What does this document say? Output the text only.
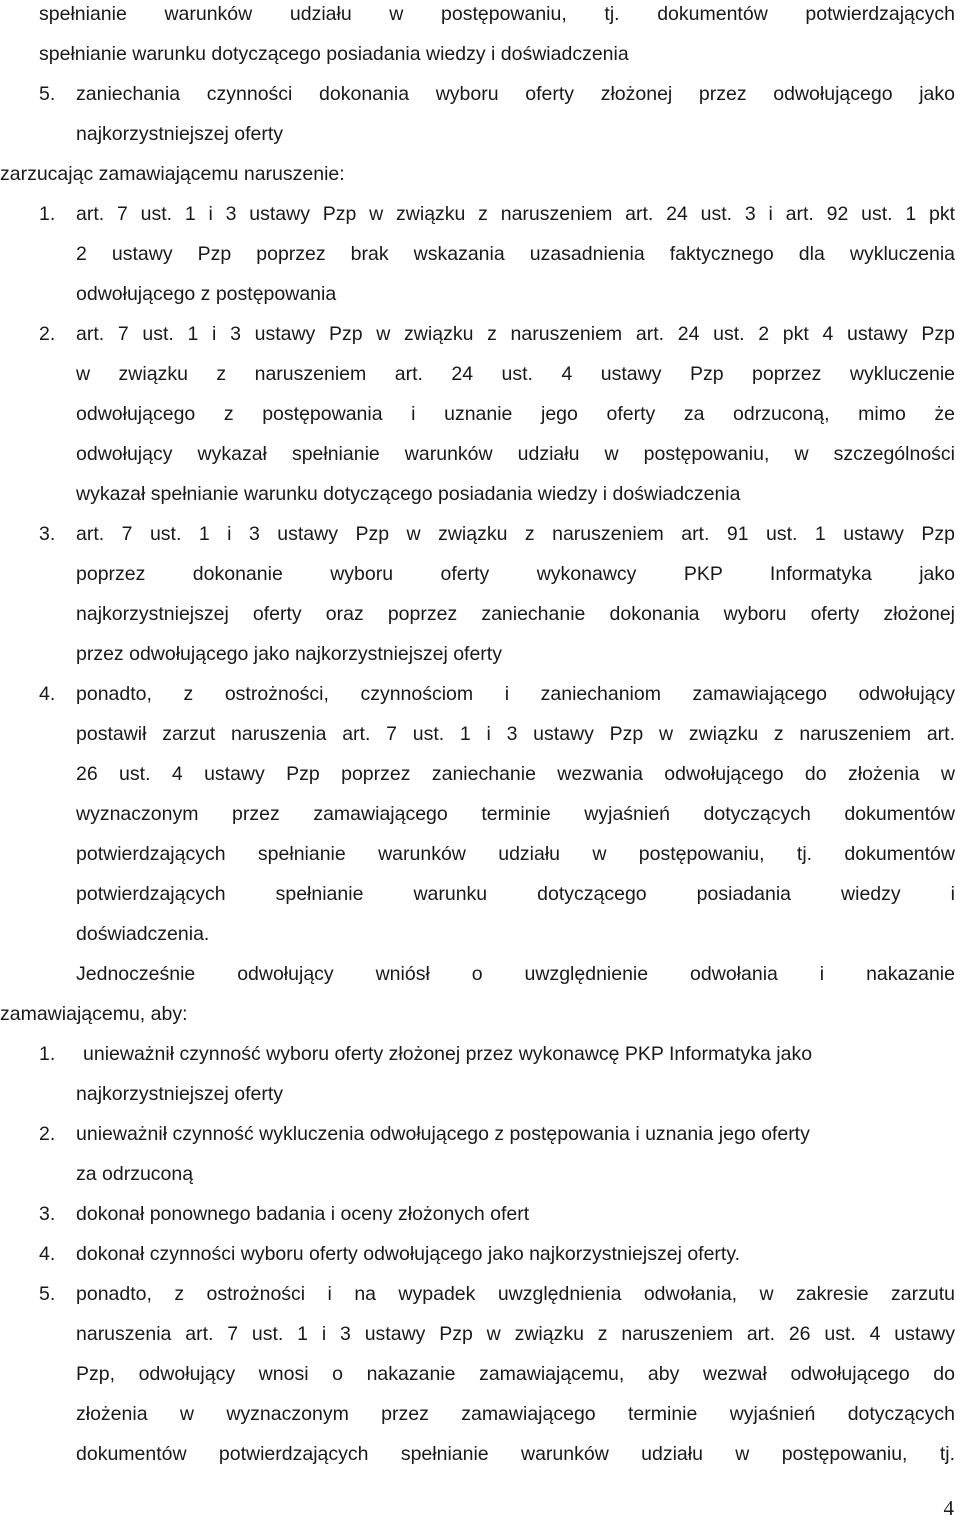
spełnianie warunków udziału w postępowaniu, tj. dokumentów potwierdzających
spełnianie warunku dotyczącego posiadania wiedzy i doświadczenia
5. zaniechania czynności dokonania wyboru oferty złożonej przez odwołującego jako
najkorzystniejszej oferty
zarzucając zamawiającemu naruszenie:
1. art. 7 ust. 1 i 3 ustawy Pzp w związku z naruszeniem art. 24 ust. 3 i art. 92 ust. 1 pkt
2 ustawy Pzp poprzez brak wskazania uzasadnienia faktycznego dla wykluczenia
odwołującego z postępowania
2. art. 7 ust. 1 i 3 ustawy Pzp w związku z naruszeniem art. 24 ust. 2 pkt 4 ustawy Pzp
w związku z naruszeniem art. 24 ust. 4 ustawy Pzp poprzez wykluczenie
odwołującego z postępowania i uznanie jego oferty za odrzuconą, mimo że
odwołujący wykazał spełnianie warunków udziału w postępowaniu, w szczególności
wykazał spełnianie warunku dotyczącego posiadania wiedzy i doświadczenia
3. art. 7 ust. 1 i 3 ustawy Pzp w związku z naruszeniem art. 91 ust. 1 ustawy Pzp
poprzez dokonanie wyboru oferty wykonawcy PKP Informatyka jako
najkorzystniejszej oferty oraz poprzez zaniechanie dokonania wyboru oferty złożonej
przez odwołującego jako najkorzystniejszej oferty
4. ponadto, z ostrożności, czynnościom i zaniechaniom zamawiającego odwołujący
postawił zarzut naruszenia art. 7 ust. 1 i 3 ustawy Pzp w związku z naruszeniem art.
26 ust. 4 ustawy Pzp poprzez zaniechanie wezwania odwołującego do złożenia w
wyznaczonym przez zamawiającego terminie wyjaśnień dotyczących dokumentów
potwierdzających spełnianie warunków udziału w postępowaniu, tj. dokumentów
potwierdzających spełnianie warunku dotyczącego posiadania wiedzy i
doświadczenia.
Jednocześnie odwołujący wniósł o uwzględnienie odwołania i nakazanie
zamawiającemu, aby:
1. unieważnił czynność wyboru oferty złożonej przez wykonawcę PKP Informatyka jako
najkorzystniejszej oferty
2. unieważnił czynność wykluczenia odwołującego z postępowania i uznania jego oferty
za odrzuconą
3. dokonał ponownego badania i oceny złożonych ofert
4. dokonał czynności wyboru oferty odwołującego jako najkorzystniejszej oferty.
5. ponadto, z ostrożności i na wypadek uwzględnienia odwołania, w zakresie zarzutu
naruszenia art. 7 ust. 1 i 3 ustawy Pzp w związku z naruszeniem art. 26 ust. 4 ustawy
Pzp, odwołujący wnosi o nakazanie zamawiającemu, aby wezwał odwołującego do
złożenia w wyznaczonym przez zamawiającego terminie wyjaśnień dotyczących
dokumentów potwierdzających spełnianie warunków udziału w postępowaniu, tj.
4
